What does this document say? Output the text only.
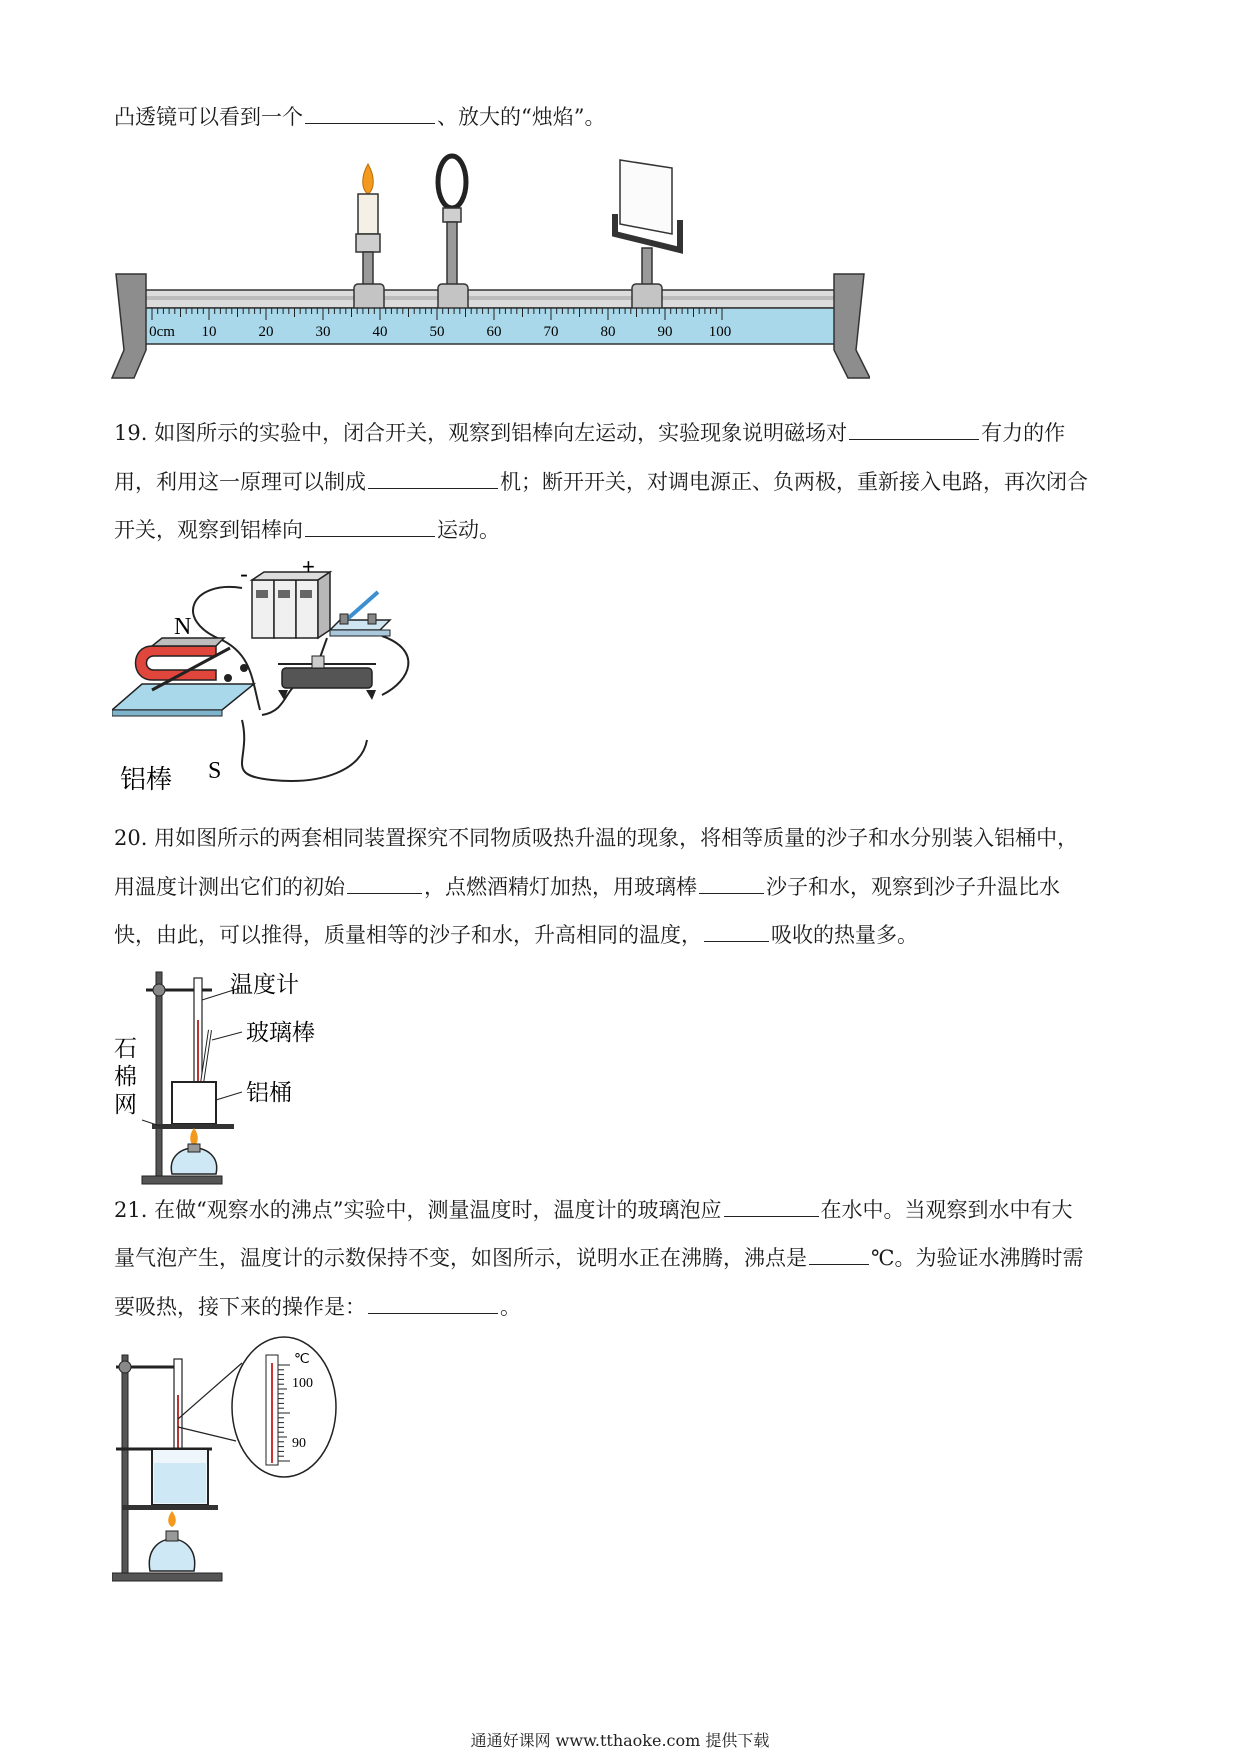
凸透镜可以看到一个	、放大的“烛焰”。
0cm 10	20	30	40	50	60	70	80	90 100
19. 如图所示的实验中，闭合开关，观察到铝棒向左运动，实验现象说明磁场对	有力的作
用，利用这一原理可以制成	机；断开开关，对调电源正、负两极，重新接入电路，再次闭合
开关，观察到铝棒向	运动。
- +
N
S
铝棒
20. 用如图所示的两套相同装置探究不同物质吸热升温的现象，将相等质量的沙子和水分别装入铝桶中，
用温度计测出它们的初始	，点燃酒精灯加热，用玻璃棒	沙子和水，观察到沙子升温比水
快，由此，可以推得，质量相等的沙子和水，升高相同的温度，	吸收的热量多。
温度计
玻璃棒
铝桶
石
棉
网
21. 在做“观察水的沸点”实验中，测量温度时，温度计的玻璃泡应	在水中。当观察到水中有大
量气泡产生，温度计的示数保持不变，如图所示，说明水正在沸腾，沸点是	℃。为验证水沸腾时需
要吸热，接下来的操作是：	。
℃
100
90
通通好课网 www.tthaoke.com 提供下载
